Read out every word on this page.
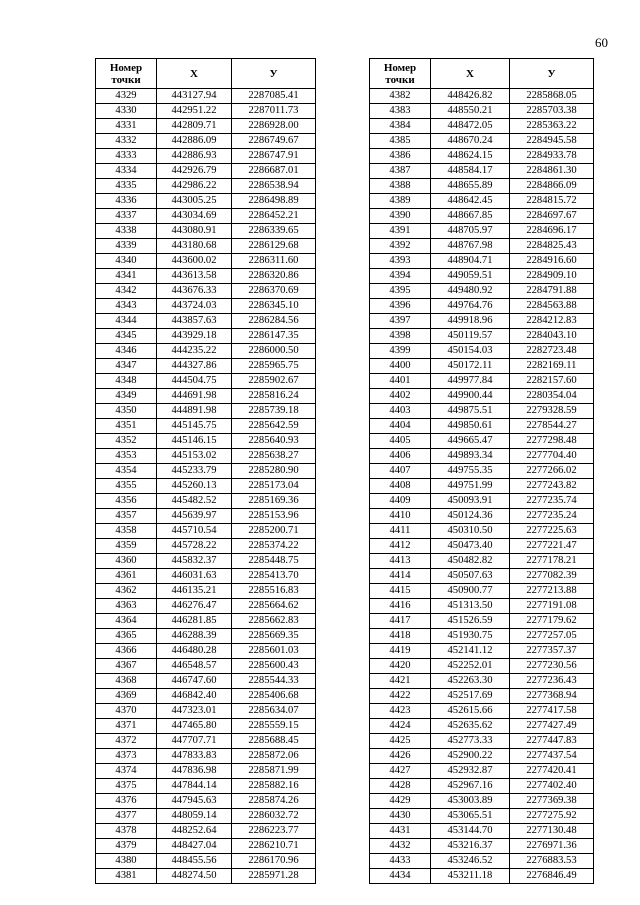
60
Номер
точки	X	У
4329	443127.94	2287085.41
4330	442951.22	2287011.73
4331	442809.71	2286928.00
4332	442886.09	2286749.67
4333	442886.93	2286747.91
4334	442926.79	2286687.01
4335	442986.22	2286538.94
4336	443005.25	2286498.89
4337	443034.69	2286452.21
4338	443080.91	2286339.65
4339	443180.68	2286129.68
4340	443600.02	2286311.60
4341	443613.58	2286320.86
4342	443676.33	2286370.69
4343	443724.03	2286345.10
4344	443857.63	2286284.56
4345	443929.18	2286147.35
4346	444235.22	2286000.50
4347	444327.86	2285965.75
4348	444504.75	2285902.67
4349	444691.98	2285816.24
4350	444891.98	2285739.18
4351	445145.75	2285642.59
4352	445146.15	2285640.93
4353	445153.02	2285638.27
4354	445233.79	2285280.90
4355	445260.13	2285173.04
4356	445482.52	2285169.36
4357	445639.97	2285153.96
4358	445710.54	2285200.71
4359	445728.22	2285374.22
4360	445832.37	2285448.75
4361	446031.63	2285413.70
4362	446135.21	2285516.83
4363	446276.47	2285664.62
4364	446281.85	2285662.83
4365	446288.39	2285669.35
4366	446480.28	2285601.03
4367	446548.57	2285600.43
4368	446747.60	2285544.33
4369	446842.40	2285406.68
4370	447323.01	2285634.07
4371	447465.80	2285559.15
4372	447707.71	2285688.45
4373	447833.83	2285872.06
4374	447836.98	2285871.99
4375	447844.14	2285882.16
4376	447945.63	2285874.26
4377	448059.14	2286032.72
4378	448252.64	2286223.77
4379	448427.04	2286210.71
4380	448455.56	2286170.96
4381	448274.50	2285971.28
Номер
точки	X	У
4382	448426.82	2285868.05
4383	448550.21	2285703.38
4384	448472.05	2285363.22
4385	448670.24	2284945.58
4386	448624.15	2284933.78
4387	448584.17	2284861.30
4388	448655.89	2284866.09
4389	448642.45	2284815.72
4390	448667.85	2284697.67
4391	448705.97	2284696.17
4392	448767.98	2284825.43
4393	448904.71	2284916.60
4394	449059.51	2284909.10
4395	449480.92	2284791.88
4396	449764.76	2284563.88
4397	449918.96	2284212.83
4398	450119.57	2284043.10
4399	450154.03	2282723.48
4400	450172.11	2282169.11
4401	449977.84	2282157.60
4402	449900.44	2280354.04
4403	449875.51	2279328.59
4404	449850.61	2278544.27
4405	449665.47	2277298.48
4406	449893.34	2277704.40
4407	449755.35	2277266.02
4408	449751.99	2277243.82
4409	450093.91	2277235.74
4410	450124.36	2277235.24
4411	450310.50	2277225.63
4412	450473.40	2277221.47
4413	450482.82	2277178.21
4414	450507.63	2277082.39
4415	450900.77	2277213.88
4416	451313.50	2277191.08
4417	451526.59	2277179.62
4418	451930.75	2277257.05
4419	452141.12	2277357.37
4420	452252.01	2277230.56
4421	452263.30	2277236.43
4422	452517.69	2277368.94
4423	452615.66	2277417.58
4424	452635.62	2277427.49
4425	452773.33	2277447.83
4426	452900.22	2277437.54
4427	452932.87	2277420.41
4428	452967.16	2277402.40
4429	453003.89	2277369.38
4430	453065.51	2277275.92
4431	453144.70	2277130.48
4432	453216.37	2276971.36
4433	453246.52	2276883.53
4434	453211.18	2276846.49
